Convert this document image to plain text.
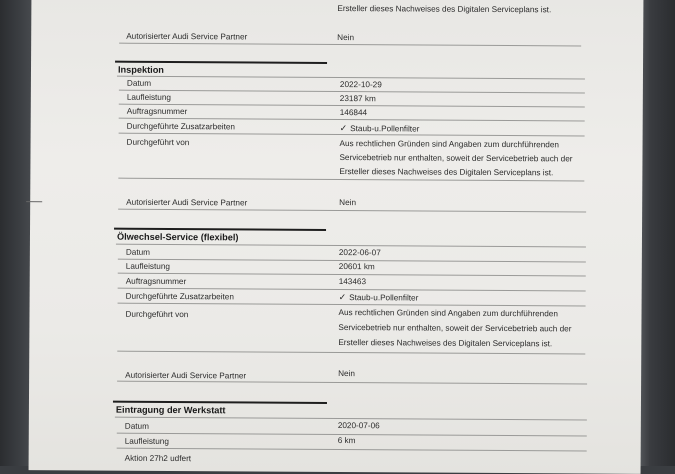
Ersteller dieses Nachweises des Digitalen Serviceplans ist.
Autorisierter Audi Service Partner	Nein
Inspektion
Datum	2022-10-29
Laufleistung	23187 km
Auftragsnummer	146844
Durchgeführte Zusatzarbeiten	✓ Staub-u.Pollenfilter
Durchgeführt von	Aus rechtlichen Gründen sind Angaben zum durchführenden
Servicebetrieb nur enthalten, soweit der Servicebetrieb auch der
Ersteller dieses Nachweises des Digitalen Serviceplans ist.
Autorisierter Audi Service Partner	Nein
Ölwechsel-Service (flexibel)
Datum	2022-06-07
Laufleistung	20601 km
Auftragsnummer	143463
Durchgeführte Zusatzarbeiten	✓ Staub-u.Pollenfilter
Durchgeführt von	Aus rechtlichen Gründen sind Angaben zum durchführenden
Servicebetrieb nur enthalten, soweit der Servicebetrieb auch der
Ersteller dieses Nachweises des Digitalen Serviceplans ist.
Autorisierter Audi Service Partner	Nein
Eintragung der Werkstatt
Datum	2020-07-06
Laufleistung	6 km
Aktion 27h2 udfert
